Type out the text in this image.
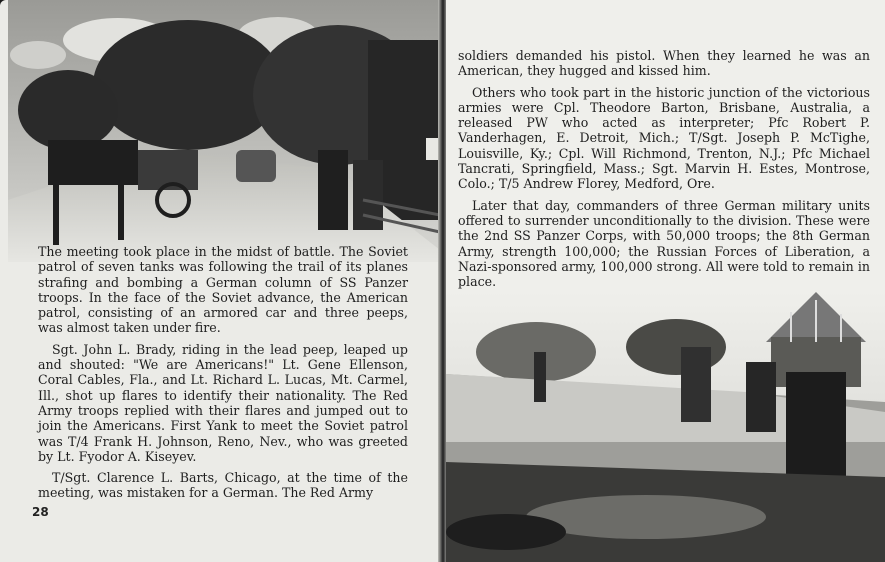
The meeting took place in the midst of battle. The Soviet patrol of seven tanks was following the trail of its planes strafing and bombing a German column of SS Panzer troops. In the face of the Soviet advance, the American patrol, consisting of an armored car and three peeps, was almost taken under fire.

Sgt. John L. Brady, riding in the lead peep, leaped up and shouted: "We are Americans!" Lt. Gene Ellenson, Coral Cables, Fla., and Lt. Richard L. Lucas, Mt. Carmel, Ill., shot up flares to identify their nationality. The Red Army troops replied with their flares and jumped out to join the Americans. First Yank to meet the Soviet patrol was T/4 Frank H. Johnson, Reno, Nev., who was greeted by Lt. Fyodor A. Kiseyev.

T/Sgt. Clarence L. Barts, Chicago, at the time of the meeting, was mistaken for a German. The Red Army

28

soldiers demanded his pistol. When they learned he was an American, they hugged and kissed him.

Others who took part in the historic junction of the victorious armies were Cpl. Theodore Barton, Brisbane, Australia, a released PW who acted as interpreter; Pfc Robert P. Vanderhagen, E. Detroit, Mich.; T/Sgt. Joseph P. McTighe, Louisville, Ky.; Cpl. Will Richmond, Trenton, N.J.; Pfc Michael Tancrati, Springfield, Mass.; Sgt. Marvin H. Estes, Montrose, Colo.; T/5 Andrew Florey, Medford, Ore.

Later that day, commanders of three German military units offered to surrender unconditionally to the division. These were the 2nd SS Panzer Corps, with 50,000 troops; the 8th German Army, strength 100,000; the Russian Forces of Liberation, a Nazi-sponsored army, 100,000 strong. All were told to remain in place.
